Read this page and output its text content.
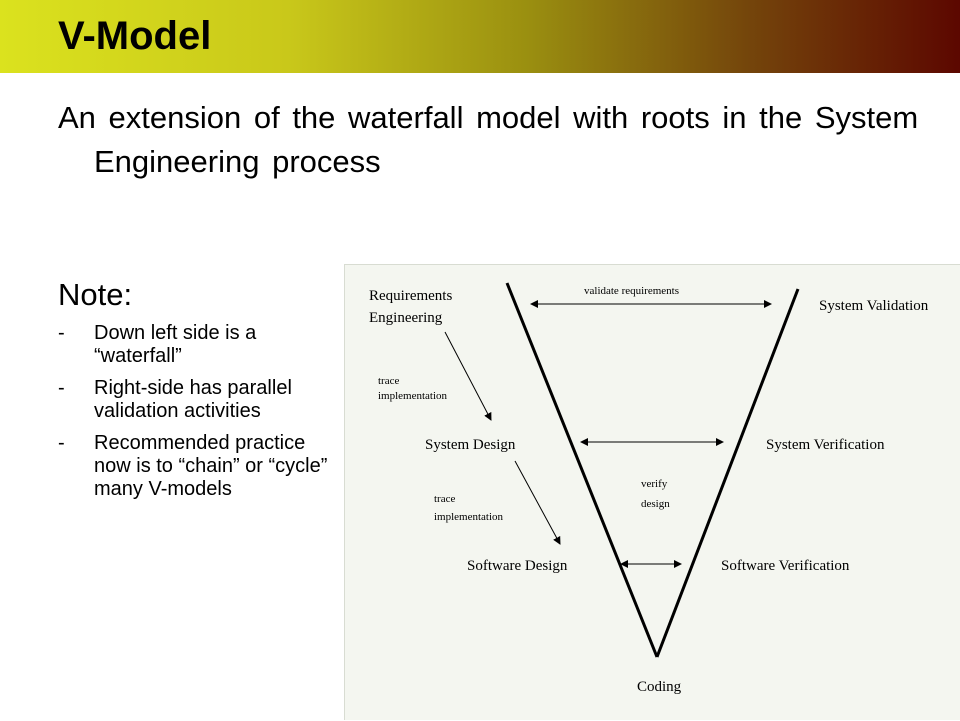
V-Model
An extension of the waterfall model with roots in the System Engineering process
Note:
- Down left side is a “waterfall”
- Right-side has parallel validation activities
- Recommended practice now is to “chain” or “cycle” many V-models
Requirements
Engineering
System Design
Software Design
Coding
System Validation
System Verification
Software Verification
validate requirements
trace
implementation
trace
implementation
verify
design
